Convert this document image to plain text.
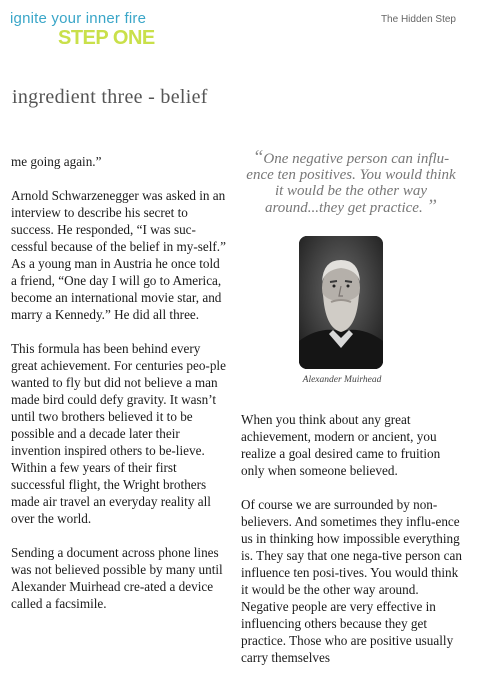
ignite your inner fire
STEP ONE
The Hidden Step
ingredient three - belief

me going again.”

Arnold Schwarzenegger was asked in an interview to describe his secret to success. He responded, “I was suc-cessful because of the belief in my-self.” As a young man in Austria he once told a friend, “One day I will go to America, become an international movie star, and marry a Kennedy.” He did all three.

This formula has been behind every great achievement. For centuries peo-ple wanted to fly but did not believe a man made bird could defy gravity. It wasn’t until two brothers believed it to be possible and a decade later their invention inspired others to be-lieve. Within a few years of their first successful flight, the Wright brothers made air travel an everyday reality all over the world.

Sending a document across phone lines was not believed possible by many until Alexander Muirhead cre-ated a device called a facsimile.

“One negative person can influ-ence ten positives. You would think it would be the other way around...they get practice. ”
Alexander Muirhead

When you think about any great achievement, modern or ancient, you realize a goal desired came to fruition only when someone believed.

Of course we are surrounded by non-believers. And sometimes they influ-ence us in thinking how impossible everything is. They say that one nega-tive person can influence ten posi-tives. You would think it would be the other way around. Negative people are very effective in influencing others because they get practice. Those who are positive usually carry themselves
